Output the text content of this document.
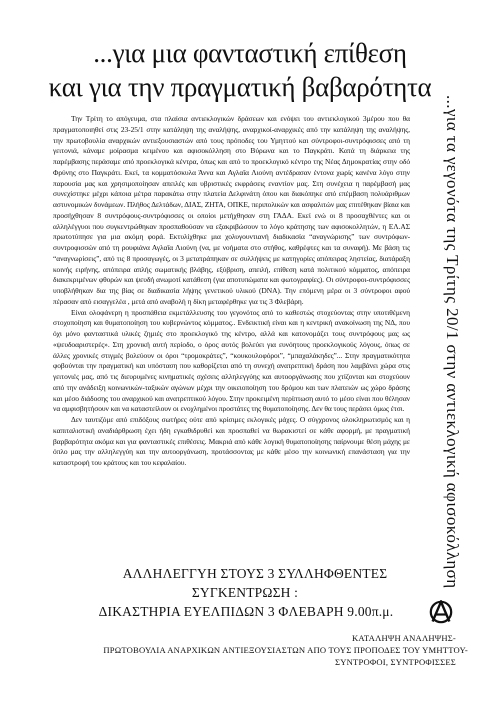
...για μια φανταστική επίθεση
και για την πραγματική βαβαρότητα
...για τα γεγονότα της Τρίτης 20/1 στην αντιεκλογική αφισοκόλληση

Την Τρίτη το απόγευμα, στα πλαίσια αντιεκλογικών δράσεων και ενόψει του αντιεκλογικού 3μέρου που θα πραγματοποιηθεί στις 23-25/1 στην κατάληψη της αναλήψης, αναρχικοί-αναρχικές από την κατάληψη της αναλήψης, την πρωτοβουλία αναρχικών αντιεξουσιαστών από τους πρόποδες του Υμηττού και σύντροφοι-συντρόφισσες από τη γειτονιά, κάναμε μοίρασμα κειμένου και αφισοκόλληση στο Βύρωνα και το Παγκράτι. Κατά τη διάρκεια της παρέμβασης περάσαμε από προεκλογικά κέντρα, όπως και από το προεκλογικό κέντρο της Νέας Δημοκρατίας στην οδό Φρύνης στο Παγκράτι. Εκεί, τα κομματόσκυλα Άννα και Αγλαΐα Λιούνη αντέδρασαν έντονα χωρίς κανένα λόγο στην παρουσία μας και χρησιμοποίησαν απειλές και υβριστικές εκφράσεις εναντίον μας. Στη συνέχεια η παρέμβασή μας συνεχίστηκε μέχρι κάποια μέτρα παρακάτω στην πλατεία Δελφινάτη όπου και διακόπηκε από επέμβαση πολυάριθμων αστυνομικών δυνάμεων. Πλήθος Δελτάδων, ΔΙΑΣ, ΖΗΤΑ, ΟΠΚΕ, περιπολικών και ασφαλιτών μας επιτέθηκαν βίαια και προσήχθησαν 8 συντρόφους-συντρόφισσες οι οποίοι μετήχθησαν στη ΓΑΔΑ. Εκεί ενώ οι 8 προσαχθέντες και οι αλληλέγγυοι που συγκεντρώθηκαν προσπαθούσαν να εξακριβώσουν το λόγο κράτησης των αφισοκολλητών, η ΕΛ.ΑΣ πρωτοτύπησε για μια ακόμη φορά. Εκτυλίχθηκε μια χολυγουντιανή διαδικασία “αναγνώρισης” των συντρόφων-συντροφισσών από τη ρουφιάνα Αγλαΐα Λιούνη (να, με νοήματα στο στήθος, καθρέφτες και τα συναφή). Με βάση τις “αναγνωρίσεις”, από τις 8 προσαγωγές, οι 3 μετατράπηκαν σε συλλήψεις με κατηγορίες απόπειρας ληστείας, διατάραξη κοινής ειρήνης, απόπειρα απλής σωματικής βλάβης, εξύβριση, απειλή, επίθεση κατά πολιτικού κόμματος, απόπειρα διακεκριμένων φθορών και ψευδή ανωμοτί κατάθεση (για αποτυπώματα και φωτογραφίες). Οι σύντροφοι-συντρόφισσες υποβλήθηκαν δια της βίας σε διαδικασία λήψης γενετικού υλικού (DNA). Την επόμενη μέρα οι 3 σύντροφοι αφού πέρασαν από εισαγγελέα , μετά από αναβολή η δίκη μεταφέρθηκε για τις 3 Φλεβάρη.

Είναι ολοφάνερη η προσπάθεια εκμετάλλευσης του γεγονότος από το καθεστώς στοχεύοντας στην υποτιθέμενη στοχοποίηση και θυματοποίηση του κυβερνώντος κόμματος.. Ενδεικτική είναι και η κεντρική ανακοίνωση της ΝΔ, που όχι μόνο φανταστικά υλικές ζημιές στο προεκλογικό της κέντρο, αλλά και κατονομάζει τους συντρόφους μας ως «ψευδοαριστερές». Στη χρονική αυτή περίοδο, ο όρος αυτός βολεύει για ευνόητους προεκλογικούς λόγους, όπως σε άλλες χρονικές στιγμές βολεύουν οι όροι “τρομοκράτες”, “κουκουλοφόροι”, “μπαχαλάκηδες”... Στην πραγματικότητα φοβούνται την πραγματική και υπόσταση που καθορίζεται από τη συνεχή ανατρεπτική δράση που λαμβάνει χώρα στις γειτονιές μας, από τις διευρυμένες κινηματικές σχέσεις αλληλεγγύης και αυτοοργάνωσης που χτίζονται και στοχεύουν από την ανάδειξη κοινωνικών-ταξικών αγώνων μέχρι την οικειοποίηση του δρόμου και των πλατειών ως χώρο δράσης και μέσο διάδοσης του αναρχικού και ανατρεπτικού λόγου. Στην προκειμένη περίπτωση αυτό το μέσο είναι που θέλησαν να αμφισβητήσουν και να καταστείλουν οι ενοχλημένοι προστάτες της θυματοποίησης. Δεν θα τους περάσει όμως έτσι.

Δεν ταυτιζόμε από επιδόξους σωτήρες ούτε από κρίσιμες εκλογικές μάχες. Ο σύγχρονος ολοκληρωτισμός και η καπιταλιστική αναδιάρθρωση έχει ήδη εγκαθιδρυθεί και προσπαθεί να θωρακιστεί σε κάθε αφορμή, με πραγματική βαρβαρότητα ακόμα και για φανταστικές επιθέσεις. Μακριά από κάθε λογική θυματοποίησης παίρνουμε θέση μάχης με όπλο μας την αλληλεγγύη και την αυτοοργάνωση, προτάσσοντας με κάθε μέσο την κοινωνική επανάσταση για την καταστροφή του κράτους και του κεφαλαίου.

ΑΛΛΗΛΕΓΓΥΗ ΣΤΟΥΣ 3 ΣΥΛΛΗΦΘΕΝΤΕΣ
ΣΥΓΚΕΝΤΡΩΣΗ :
ΔΙΚΑΣΤΗΡΙΑ ΕΥΕΛΠΙΔΩΝ 3 ΦΛΕΒΑΡΗ 9.00π.μ.
ΚΑΤΑΛΗΨΗ ΑΝΑΛΗΨΗΣ-
ΠΡΩΤΟΒΟΥΛΙΑ ΑΝΑΡΧΙΚΩΝ ΑΝΤΙΕΞΟΥΣΙΑΣΤΩΝ ΑΠΟ ΤΟΥΣ ΠΡΟΠΟΔΕΣ ΤΟΥ ΥΜΗΤΤΟΥ-
ΣΥΝΤΡΟΦΟΙ, ΣΥΝΤΡΟΦΙΣΣΕΣ
